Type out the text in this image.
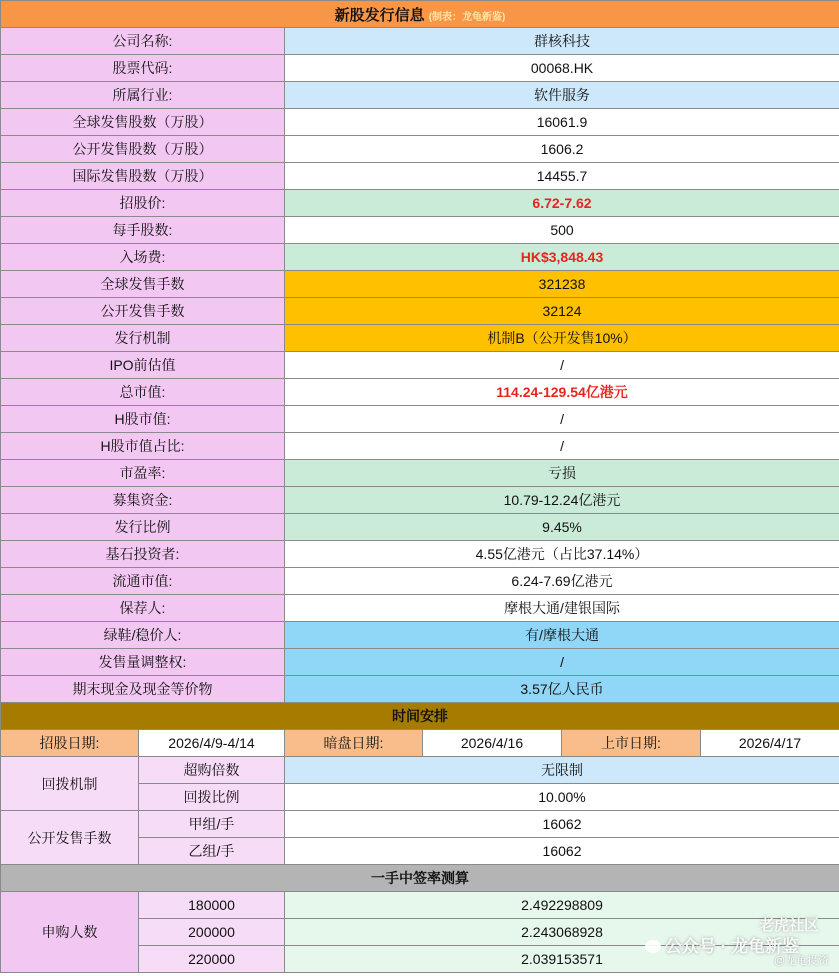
新股发行信息 (制表：龙龟新鉴)					
公司名称:		群核科技			
股票代码:		00068.HK			
所属行业:		软件服务			
全球发售股数（万股）		16061.9			
公开发售股数（万股）		1606.2			
国际发售股数（万股）		14455.7			
招股价:		6.72-7.62			
每手股数:		500			
入场费:		HK$3,848.43			
全球发售手数		321238			
公开发售手数		32124			
发行机制		机制B（公开发售10%）			
IPO前估值		/			
总市值:		114.24-129.54亿港元			
H股市值:		/			
H股市值占比:		/			
市盈率:		亏损			
募集资金:		10.79-12.24亿港元			
发行比例		9.45%			
基石投资者:		4.55亿港元（占比37.14%）			
流通市值:		6.24-7.69亿港元			
保荐人:		摩根大通/建银国际			
绿鞋/稳价人:		有/摩根大通			
发售量调整权:		/			
期末现金及现金等价物		3.57亿人民币			
时间安排					
招股日期:	2026/4/9-4/14	暗盘日期:	2026/4/16	上市日期:	2026/4/17
回拨机制	超购倍数	无限制			
	回拨比例	10.00%			
公开发售手数	甲组/手	16062			
	乙组/手	16062			
一手中签率测算					
申购人数	180000	2.492298809			
	200000	2.243068928			
	220000	2.039153571			
老虎社区
公众号 · 龙龟新鉴
@龙龟投资
